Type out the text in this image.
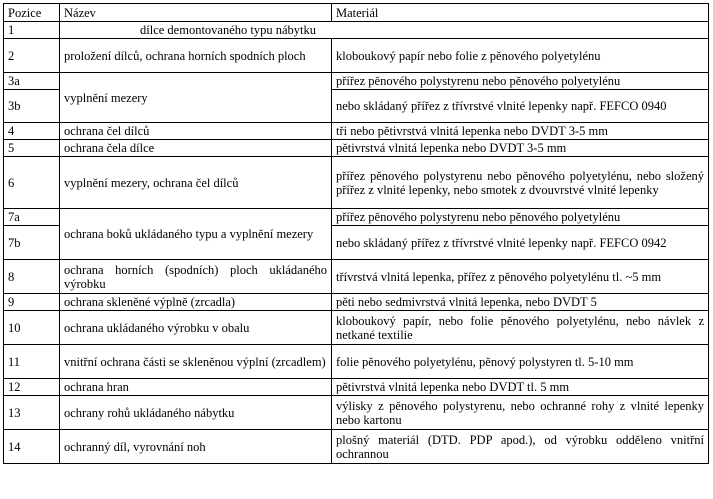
Pozice	Název	Materiál
1	dílce demontovaného typu nábytku	
2	proložení dílců, ochrana horních spodních ploch	kloboukový papír nebo folie z pěnového polyetylénu
3a	vyplnění mezery	přířez pěnového polystyrenu nebo pěnového polyetylénu
3b		nebo skládaný přířez z třívrstvé vlnité lepenky např. FEFCO 0940
4	ochrana čel dílců	tři nebo pětivrstvá vlnitá lepenka nebo DVDT 3-5 mm
5	ochrana čela dílce	pětivrstvá vlnitá lepenka nebo DVDT 3-5 mm
6	vyplnění mezery, ochrana čel dílců	přířez pěnového polystyrenu nebo pěnového polyetylénu, nebo složený přířez z vlnité lepenky, nebo smotek z dvouvrstvé vlnité lepenky
7a	ochrana boků ukládaného typu a vyplnění mezery	přířez pěnového polystyrenu nebo pěnového polyetylénu
7b		nebo skládaný přířez z třívrstvé vlnité lepenky např. FEFCO 0942
8	ochrana horních (spodních) ploch ukládaného výrobku	třívrstvá vlnitá lepenka, přířez z pěnového polyetylénu tl. ~5 mm
9	ochrana skleněné výplně (zrcadla)	pěti nebo sedmivrstvá vlnitá lepenka, nebo DVDT 5
10	ochrana ukládaného výrobku v obalu	kloboukový papír, nebo folie pěnového polyetylénu, nebo návlek z netkané textilie
11	vnitřní ochrana části se skleněnou výplní (zrcadlem)	folie pěnového polyetylénu, pěnový polystyren tl. 5-10 mm
12	ochrana hran	pětivrstvá vlnitá lepenka nebo DVDT tl. 5 mm
13	ochrany rohů ukládaného nábytku	výlisky z pěnového polystyrenu, nebo ochranné rohy z vlnité lepenky nebo kartonu
14	ochranný díl, vyrovnání noh	plošný materiál (DTD. PDP apod.), od výrobku odděleno vnitřní ochrannou
